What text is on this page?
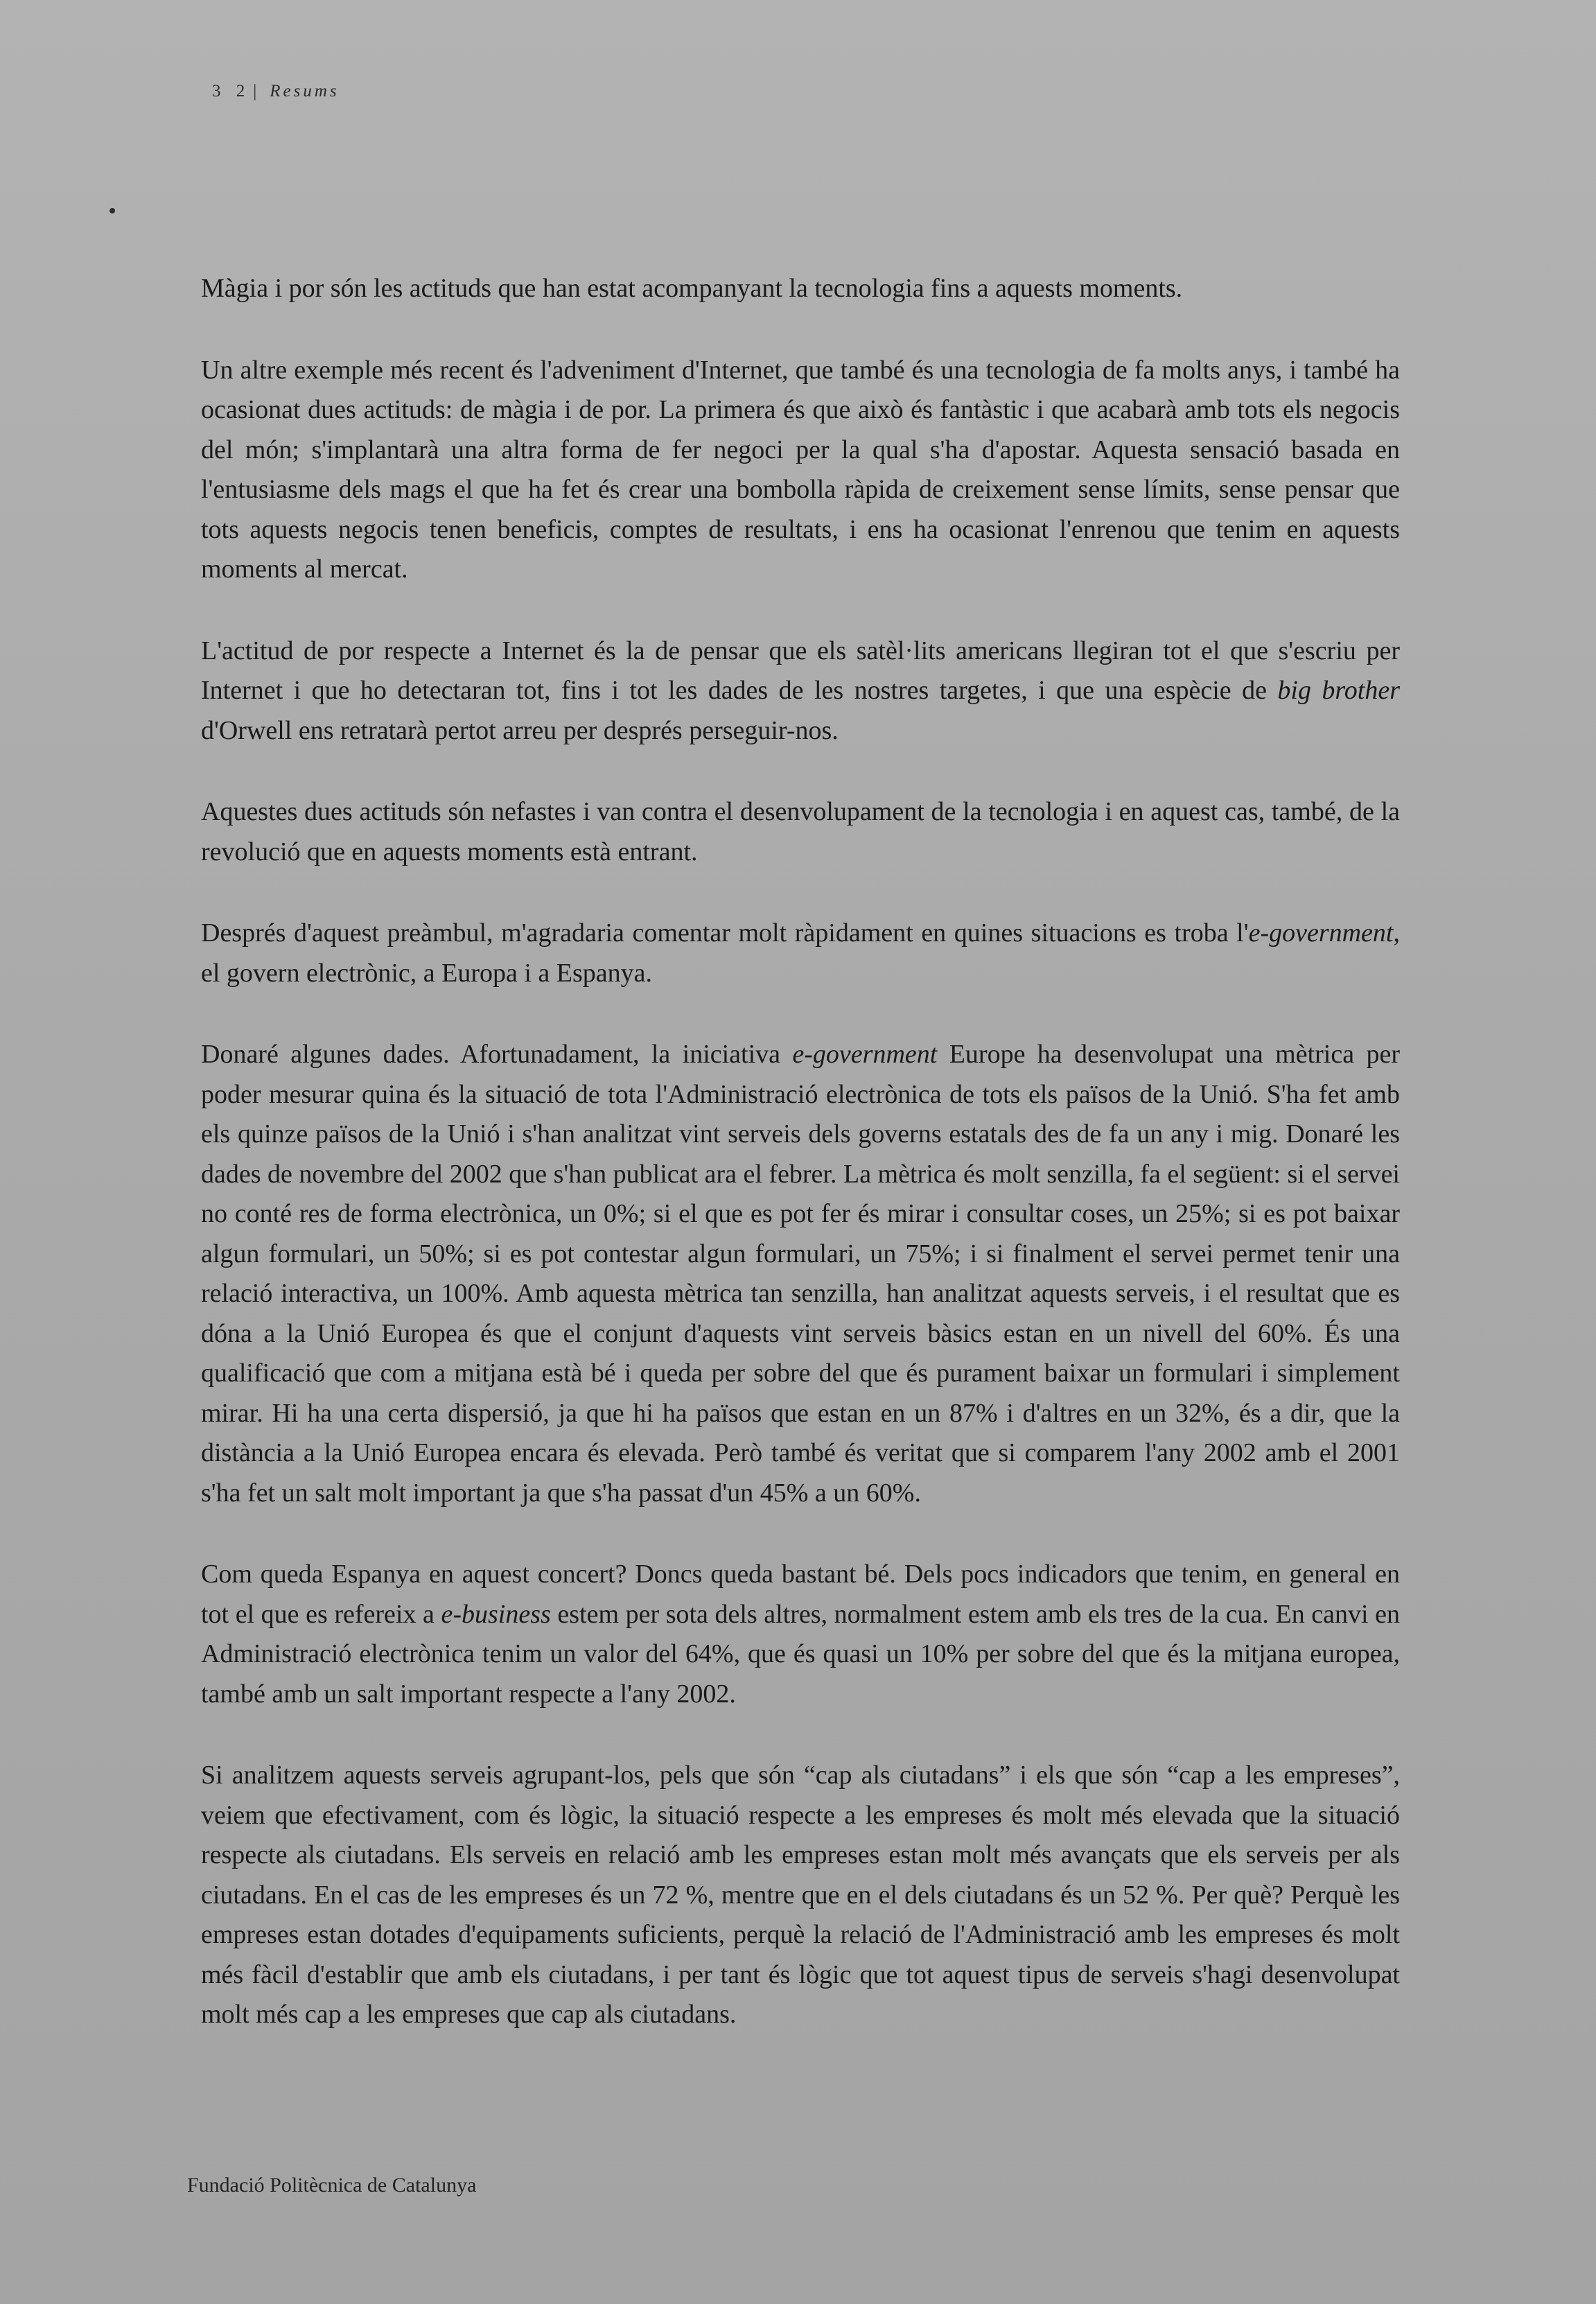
3 2 | Resums

Màgia i por són les actituds que han estat acompanyant la tecnologia fins a aquests moments.

Un altre exemple més recent és l'adveniment d'Internet, que també és una tecnologia de fa molts anys, i també ha ocasionat dues actituds: de màgia i de por. La primera és que això és fantàstic i que acabarà amb tots els negocis del món; s'implantarà una altra forma de fer negoci per la qual s'ha d'apostar. Aquesta sensació basada en l'entusiasme dels mags el que ha fet és crear una bombolla ràpida de creixement sense límits, sense pensar que tots aquests negocis tenen beneficis, comptes de resultats, i ens ha ocasionat l'enrenou que tenim en aquests moments al mercat.

L'actitud de por respecte a Internet és la de pensar que els satèl·lits americans llegiran tot el que s'escriu per Internet i que ho detectaran tot, fins i tot les dades de les nostres targetes, i que una espècie de big brother d'Orwell ens retratarà pertot arreu per després perseguir-nos.

Aquestes dues actituds són nefastes i van contra el desenvolupament de la tecnologia i en aquest cas, també, de la revolució que en aquests moments està entrant.

Després d'aquest preàmbul, m'agradaria comentar molt ràpidament en quines situacions es troba l'e-government, el govern electrònic, a Europa i a Espanya.

Donaré algunes dades. Afortunadament, la iniciativa e-government Europe ha desenvolupat una mètrica per poder mesurar quina és la situació de tota l'Administració electrònica de tots els països de la Unió. S'ha fet amb els quinze països de la Unió i s'han analitzat vint serveis dels governs estatals des de fa un any i mig. Donaré les dades de novembre del 2002 que s'han publicat ara el febrer. La mètrica és molt senzilla, fa el següent: si el servei no conté res de forma electrònica, un 0%; si el que es pot fer és mirar i consultar coses, un 25%; si es pot baixar algun formulari, un 50%; si es pot contestar algun formulari, un 75%; i si finalment el servei permet tenir una relació interactiva, un 100%. Amb aquesta mètrica tan senzilla, han analitzat aquests serveis, i el resultat que es dóna a la Unió Europea és que el conjunt d'aquests vint serveis bàsics estan en un nivell del 60%. És una qualificació que com a mitjana està bé i queda per sobre del que és purament baixar un formulari i simplement mirar. Hi ha una certa dispersió, ja que hi ha països que estan en un 87% i d'altres en un 32%, és a dir, que la distància a la Unió Europea encara és elevada. Però també és veritat que si comparem l'any 2002 amb el 2001 s'ha fet un salt molt important ja que s'ha passat d'un 45% a un 60%.

Com queda Espanya en aquest concert? Doncs queda bastant bé. Dels pocs indicadors que tenim, en general en tot el que es refereix a e-business estem per sota dels altres, normalment estem amb els tres de la cua. En canvi en Administració electrònica tenim un valor del 64%, que és quasi un 10% per sobre del que és la mitjana europea, també amb un salt important respecte a l'any 2002.

Si analitzem aquests serveis agrupant-los, pels que són “cap als ciutadans” i els que són “cap a les empreses”, veiem que efectivament, com és lògic, la situació respecte a les empreses és molt més elevada que la situació respecte als ciutadans. Els serveis en relació amb les empreses estan molt més avançats que els serveis per als ciutadans. En el cas de les empreses és un 72 %, mentre que en el dels ciutadans és un 52 %. Per què? Perquè les empreses estan dotades d'equipaments suficients, perquè la relació de l'Administració amb les empreses és molt més fàcil d'establir que amb els ciutadans, i per tant és lògic que tot aquest tipus de serveis s'hagi desenvolupat molt més cap a les empreses que cap als ciutadans.

Fundació Politècnica de Catalunya
